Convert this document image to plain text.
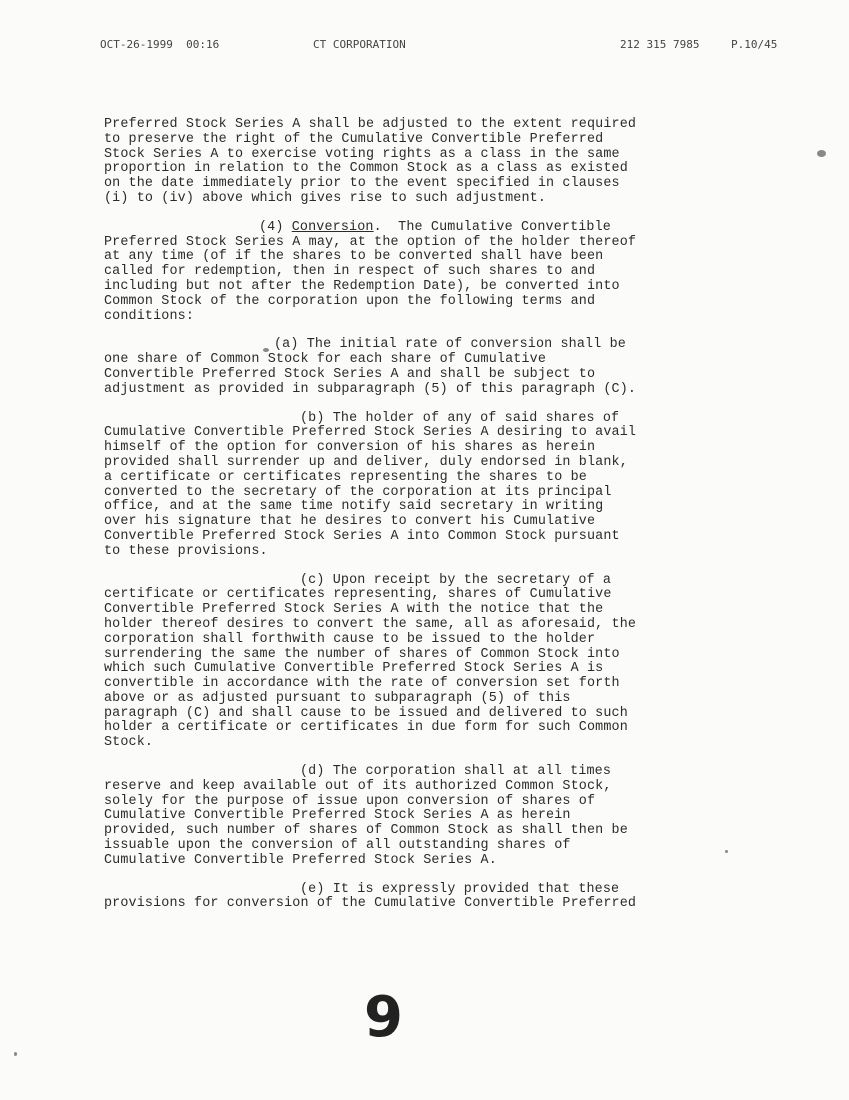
OCT-26-1999  00:16	CT CORPORATION	212 315 7985	P.10/45

Preferred Stock Series A shall be adjusted to the extent required
to preserve the right of the Cumulative Convertible Preferred
Stock Series A to exercise voting rights as a class in the same
proportion in relation to the Common Stock as a class as existed
on the date immediately prior to the event specified in clauses
(i) to (iv) above which gives rise to such adjustment.

(4) Conversion.  The Cumulative Convertible
Preferred Stock Series A may, at the option of the holder thereof
at any time (of if the shares to be converted shall have been
called for redemption, then in respect of such shares to and
including but not after the Redemption Date), be converted into
Common Stock of the corporation upon the following terms and
conditions:

(a) The initial rate of conversion shall be
one share of Common Stock for each share of Cumulative
Convertible Preferred Stock Series A and shall be subject to
adjustment as provided in subparagraph (5) of this paragraph (C).

(b) The holder of any of said shares of
Cumulative Convertible Preferred Stock Series A desiring to avail
himself of the option for conversion of his shares as herein
provided shall surrender up and deliver, duly endorsed in blank,
a certificate or certificates representing the shares to be
converted to the secretary of the corporation at its principal
office, and at the same time notify said secretary in writing
over his signature that he desires to convert his Cumulative
Convertible Preferred Stock Series A into Common Stock pursuant
to these provisions.

(c) Upon receipt by the secretary of a
certificate or certificates representing, shares of Cumulative
Convertible Preferred Stock Series A with the notice that the
holder thereof desires to convert the same, all as aforesaid, the
corporation shall forthwith cause to be issued to the holder
surrendering the same the number of shares of Common Stock into
which such Cumulative Convertible Preferred Stock Series A is
convertible in accordance with the rate of conversion set forth
above or as adjusted pursuant to subparagraph (5) of this
paragraph (C) and shall cause to be issued and delivered to such
holder a certificate or certificates in due form for such Common
Stock.

(d) The corporation shall at all times
reserve and keep available out of its authorized Common Stock,
solely for the purpose of issue upon conversion of shares of
Cumulative Convertible Preferred Stock Series A as herein
provided, such number of shares of Common Stock as shall then be
issuable upon the conversion of all outstanding shares of
Cumulative Convertible Preferred Stock Series A.

(e) It is expressly provided that these
provisions for conversion of the Cumulative Convertible Preferred

9
